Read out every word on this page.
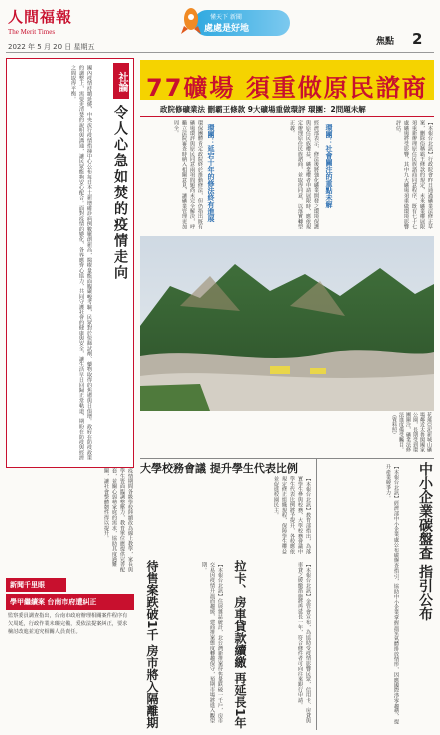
人間福報
The Merit Times
2022 年 5 月 20 日 星期五
懂天下 新聞
處處是好地
焦點 2
社論
令人心急如焚的疫情走向
國內疫情持續延燒，中央流行疫情指揮中心公布每日本土新增確診病例數屢創新高，醫療量能面臨嚴峻考驗，民眾對於快篩試劑、藥物取得的焦慮與日俱增。政府在防疫政策的調整上，需要更清楚的說明與溝通，讓民眾能夠安心配合。面對疫情的變化，各界應齊心協力，共同守護社會的健康與安全，讓生活早日回歸正常軌道，期盼在防疫與經濟之間取得平衡。
疫情期間各級學校陸續改為線上教學，家長與學生皆面臨調整壓力，教育單位應提供完善配套，並關心弱勢家庭的需求，協助其度過難關，讓社會整體韌性得以提升。
新聞千里眼
學甲繼續案 台南市府遭糾正
監察委員調查指出，台南市政府辦理相關案件程序有欠周延，行政作業未臻完備，爰依法提案糾正，要求檢討改進並追究相關人員責任。
77礦場 須重做原民諮商
政院修礦業法 刪霸王條款 9大礦場重做環評 環團：2問題未解
【本報台北訊】行政院會昨日通過礦業法修正草案，刪除俗稱霸王條款的規定，未來礦業權展限須重新辦理原住民族諮商同意程序，既有七十七處礦場將受影響，其中九大礦場須重做環境影響評估。
環團：社會關注的重點未解
經濟部表示，修法後將強化礦業開發之環境保護與原住民族權益，礦業權者申請展限時，應依規定辦理原住民族諮商，並取得同意，以落實轉型正義。
環團：延宕十年的修法終有進展
環保團體肯定政院終於推動修法，但仍指出既有礦場環評與原民同意兩項問題尚未完全解決，呼籲立法院審查時納入相關意見，讓礦業管理更加周全。
花蓮亞泥新城山礦場鄰近太魯閣國家公園，長期受到環團關注，礦業法修法進度備受矚目。（資料照）
大學校務會議 提升學生代表比例
【本報台北訊】教育部指出，為落實學生參與校務，大學校務會議中學生代表比例將予提升，各校應依規定修正組織規程，保障學生權益並促進校園民主。
待售案跌破1千 房市將入隔離期	【本報台北訊】住展雜誌統計，北台灣新推案待售量跌破一千戶，房市交易因疫情升溫而趨緩，建商推案態度轉趨保守，預期市場將進入觀望期。	拉卡、房車貸款續繳 再延長1年	【本報台北訊】金管會宣布，為協助受疫情影響民眾，信用卡、房貸與車貸之緩繳措施將再延長一年，符合條件者可向往來銀行申請。
中小企業碳盤查 指引公布
【本報台北訊】經濟部中小企業處公布碳盤查指引，協助中小企業掌握溫室氣體排放情形，因應國際淨零趨勢，提升產業競爭力。
